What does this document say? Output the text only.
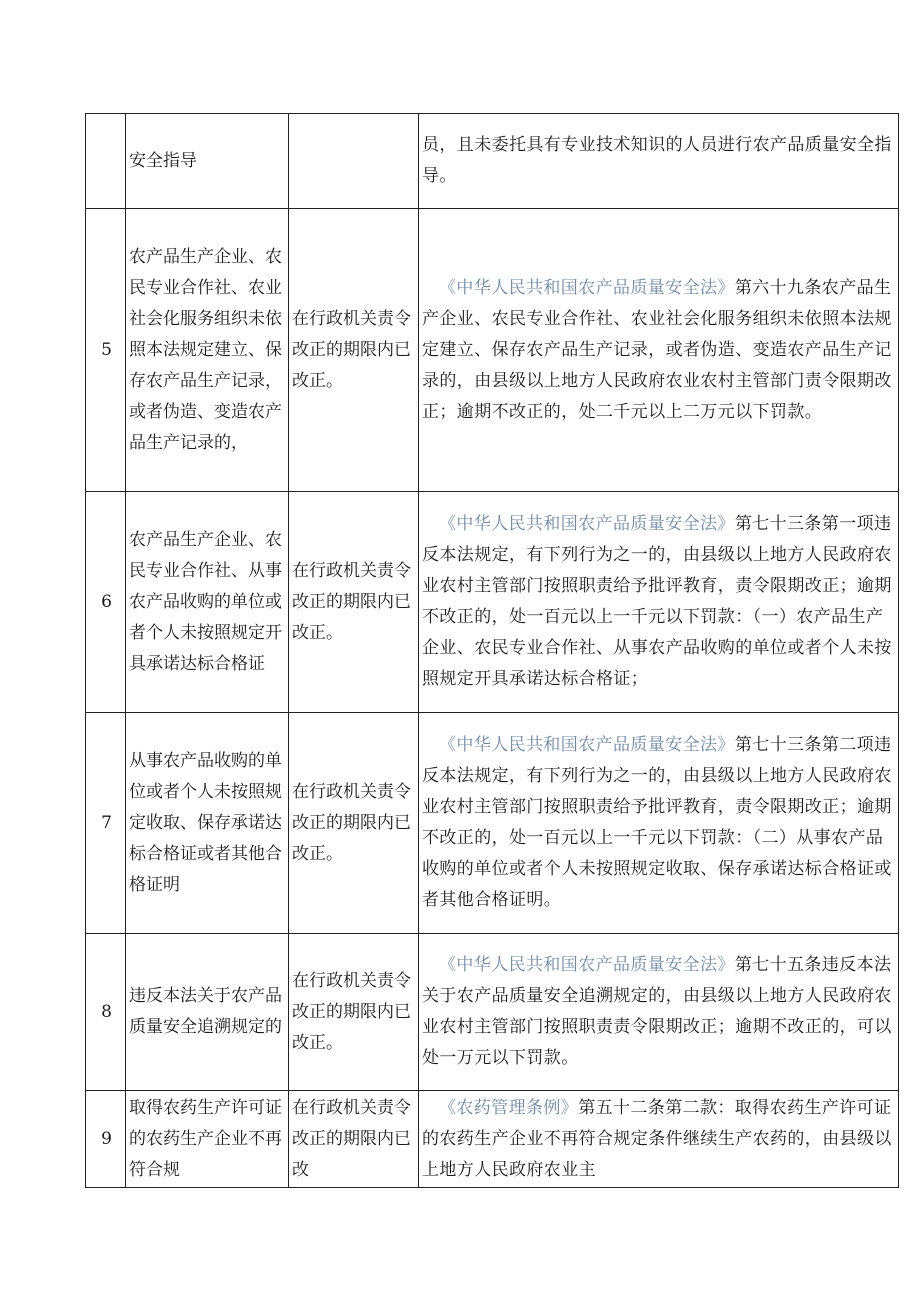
	安全指导		员，且未委托具有专业技术知识的人员进行农产品质量安全指导。
5	农产品生产企业、农民专业合作社、农业社会化服务组织未依照本法规定建立、保存农产品生产记录，或者伪造、变造农产品生产记录的，	在行政机关责令改正的期限内已改正。	《中华人民共和国农产品质量安全法》第六十九条农产品生产企业、农民专业合作社、农业社会化服务组织未依照本法规定建立、保存农产品生产记录，或者伪造、变造农产品生产记录的，由县级以上地方人民政府农业农村主管部门责令限期改正；逾期不改正的，处二千元以上二万元以下罚款。
6	农产品生产企业、农民专业合作社、从事农产品收购的单位或者个人未按照规定开具承诺达标合格证	在行政机关责令改正的期限内已改正。	《中华人民共和国农产品质量安全法》第七十三条第一项违反本法规定，有下列行为之一的，由县级以上地方人民政府农业农村主管部门按照职责给予批评教育，责令限期改正；逾期不改正的，处一百元以上一千元以下罚款：（一）农产品生产企业、农民专业合作社、从事农产品收购的单位或者个人未按照规定开具承诺达标合格证；
7	从事农产品收购的单位或者个人未按照规定收取、保存承诺达标合格证或者其他合格证明	在行政机关责令改正的期限内已改正。	《中华人民共和国农产品质量安全法》第七十三条第二项违反本法规定，有下列行为之一的，由县级以上地方人民政府农业农村主管部门按照职责给予批评教育，责令限期改正；逾期不改正的，处一百元以上一千元以下罚款：（二）从事农产品收购的单位或者个人未按照规定收取、保存承诺达标合格证或者其他合格证明。
8	违反本法关于农产品质量安全追溯规定的	在行政机关责令改正的期限内已改正。	《中华人民共和国农产品质量安全法》第七十五条违反本法关于农产品质量安全追溯规定的，由县级以上地方人民政府农业农村主管部门按照职责责令限期改正；逾期不改正的，可以处一万元以下罚款。
9	取得农药生产许可证的农药生产企业不再符合规	在行政机关责令改正的期限内已改	《农药管理条例》第五十二条第二款：取得农药生产许可证的农药生产企业不再符合规定条件继续生产农药的，由县级以上地方人民政府农业主
